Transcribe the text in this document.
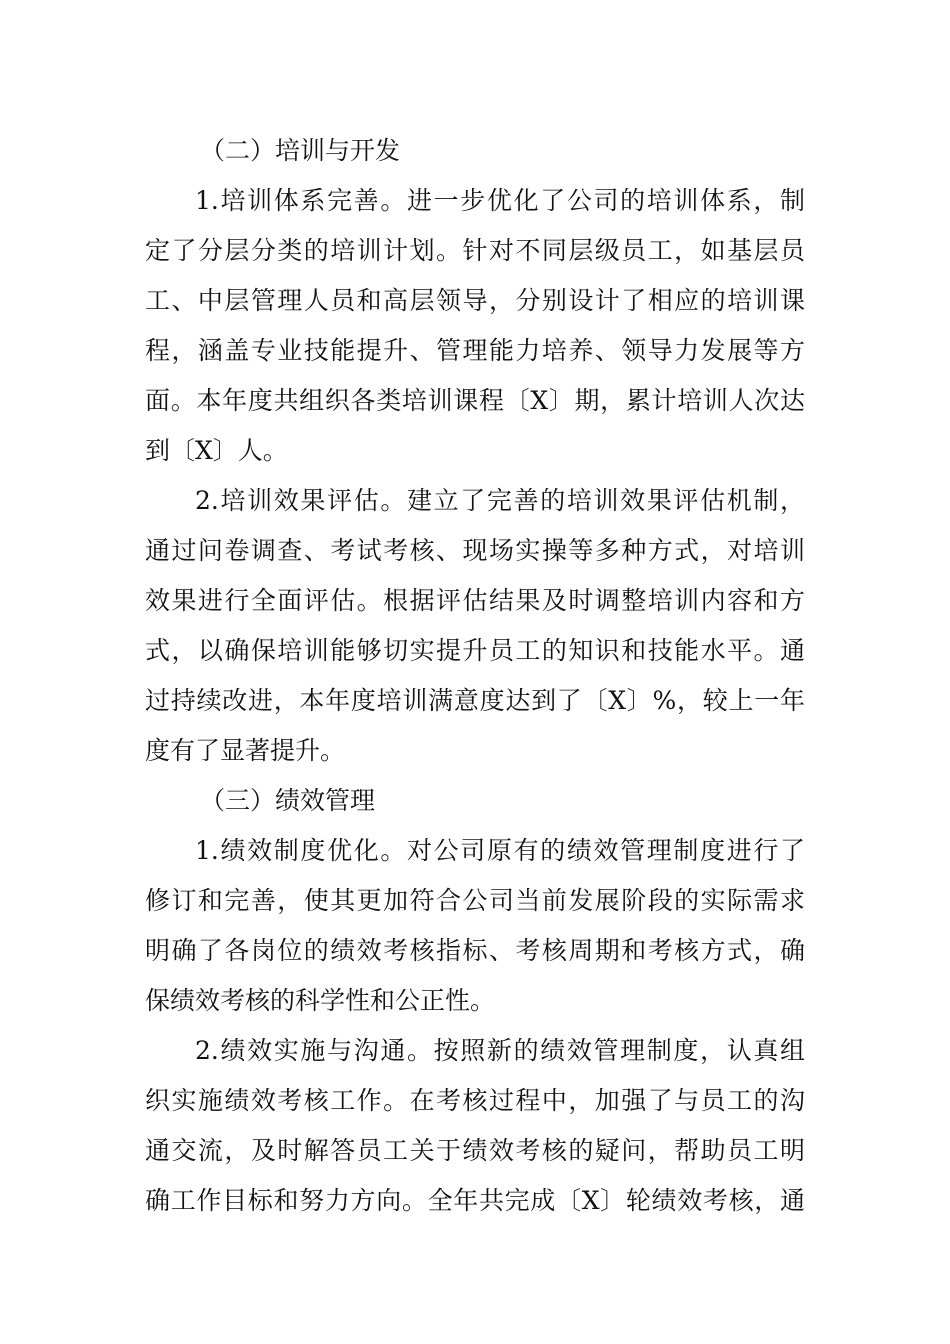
（二）培训与开发
1.培训体系完善。进一步优化了公司的培训体系，制
定了分层分类的培训计划。针对不同层级员工，如基层员
工、中层管理人员和高层领导，分别设计了相应的培训课
程，涵盖专业技能提升、管理能力培养、领导力发展等方
面。本年度共组织各类培训课程〔X〕期，累计培训人次达
到〔X〕人。
2.培训效果评估。建立了完善的培训效果评估机制，
通过问卷调查、考试考核、现场实操等多种方式，对培训
效果进行全面评估。根据评估结果及时调整培训内容和方
式，以确保培训能够切实提升员工的知识和技能水平。通
过持续改进，本年度培训满意度达到了〔X〕%，较上一年
度有了显著提升。
（三）绩效管理
1.绩效制度优化。对公司原有的绩效管理制度进行了
修订和完善，使其更加符合公司当前发展阶段的实际需求
明确了各岗位的绩效考核指标、考核周期和考核方式，确
保绩效考核的科学性和公正性。
2.绩效实施与沟通。按照新的绩效管理制度，认真组
织实施绩效考核工作。在考核过程中，加强了与员工的沟
通交流，及时解答员工关于绩效考核的疑问，帮助员工明
确工作目标和努力方向。全年共完成〔X〕轮绩效考核，通
